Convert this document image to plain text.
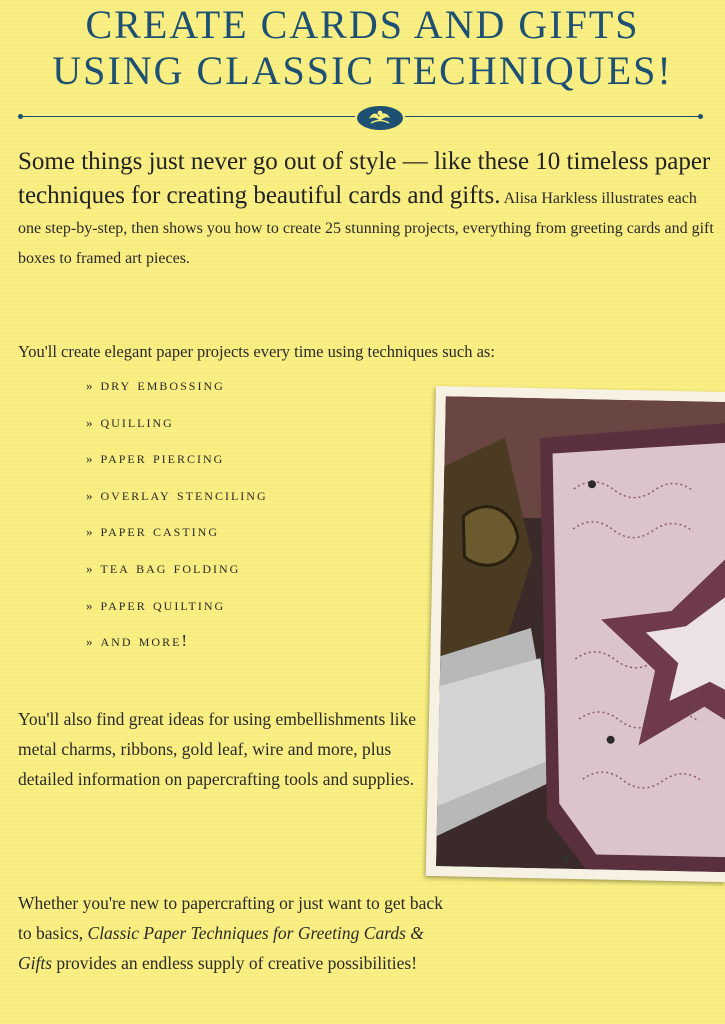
CREATE CARDS AND GIFTS
USING CLASSIC TECHNIQUES!

Some things just never go out of style — like these 10 timeless paper techniques for creating beautiful cards and gifts. Alisa Harkless illustrates each one step-by-step, then shows you how to create 25 stunning projects, everything from greeting cards and gift boxes to framed art pieces.

You'll create elegant paper projects every time using techniques such as:

» dry embossing
» quilling
» paper piercing
» overlay stenciling
» paper casting
» tea bag folding
» paper quilting
» and more!

You'll also find great ideas for using embellishments like metal charms, ribbons, gold leaf, wire and more, plus detailed information on papercrafting tools and supplies.

Whether you're new to papercrafting or just want to get back to basics, Classic Paper Techniques for Greeting Cards & Gifts provides an endless supply of creative possibilities!
